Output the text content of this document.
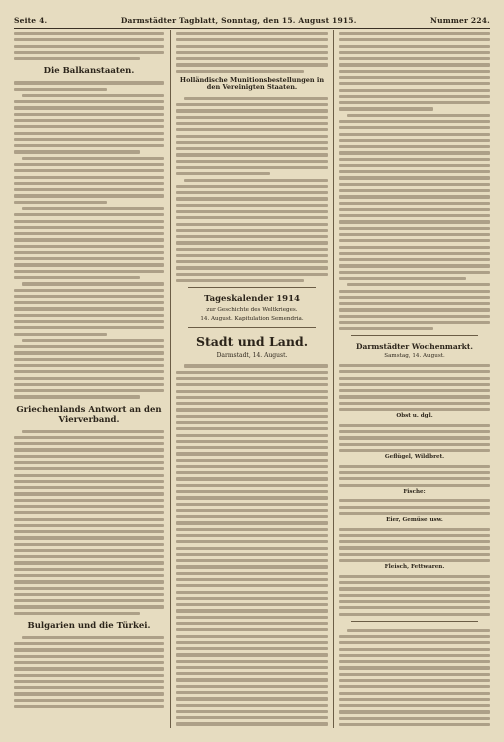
Seite 4.	Darmstädter Tagblatt, Sonntag, den 15. August 1915.	Nummer 224.
Die Balkanstaaten.
Griechenlands Antwort an den Vierverband.
Bulgarien und die Türkei.
Holländische Munitionsbestellungen in den Vereinigten Staaten.
Tageskalender 1914
zur Geschichte des Weltkrieges.
14. August. Kapitulation Semendria.
Stadt und Land.
Darmstadt, 14. August.
Darmstädter Wochenmarkt.
Samstag, 14. August.
Obst u. dgl.
Geflügel, Wildbret.
Fische:
Eier, Gemüse usw.
Fleisch, Fettwaren.
